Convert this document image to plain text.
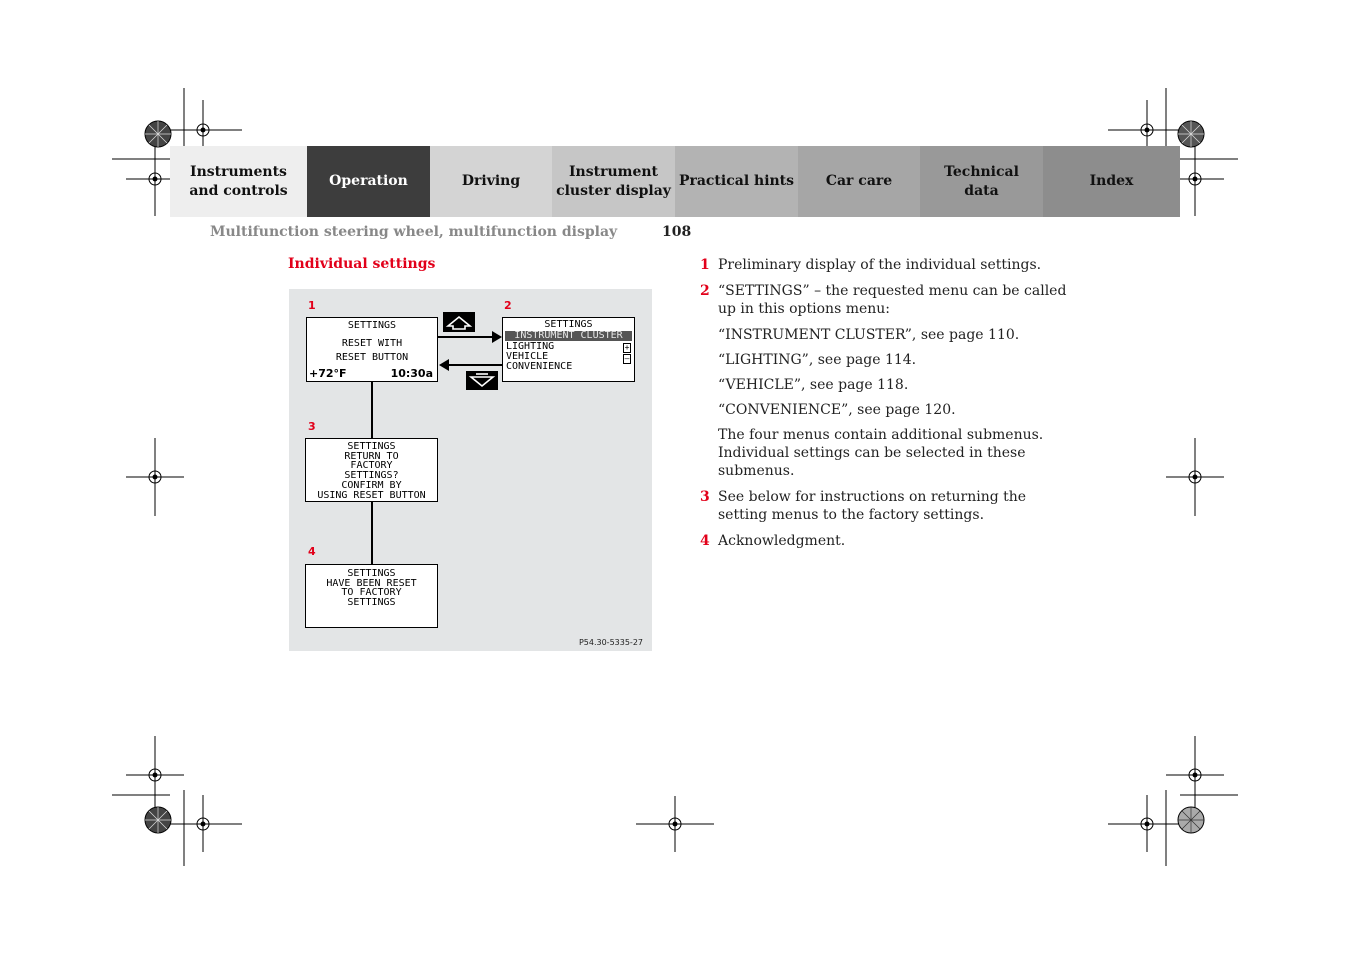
Instruments
and controls
Operation	Driving
Instrument
cluster display
Practical hints	Car care
Technical
data
Index
Multifunction steering wheel, multifunction display	108
Individual settings
1	2
3
4
SETTINGS
RESET WITH
RESET BUTTON
+72°F	10:30a
SETTINGS
INSTRUMENT CLUSTER
LIGHTING
VEHICLE
CONVENIENCE
+
–
SETTINGS
RETURN TO
FACTORY
SETTINGS?
CONFIRM BY
USING RESET BUTTON
SETTINGS
HAVE BEEN RESET
TO FACTORY
SETTINGS
P54.30-5335-27
1 Preliminary display of the individual settings.
2 “SETTINGS” – the requested menu can be called up in this options menu:
“INSTRUMENT CLUSTER”, see page 110.
“LIGHTING”, see page 114.
“VEHICLE”, see page 118.
“CONVENIENCE”, see page 120.
The four menus contain additional submenus. Individual settings can be selected in these submenus.
3 See below for instructions on returning the setting menus to the factory settings.
4 Acknowledgment.
